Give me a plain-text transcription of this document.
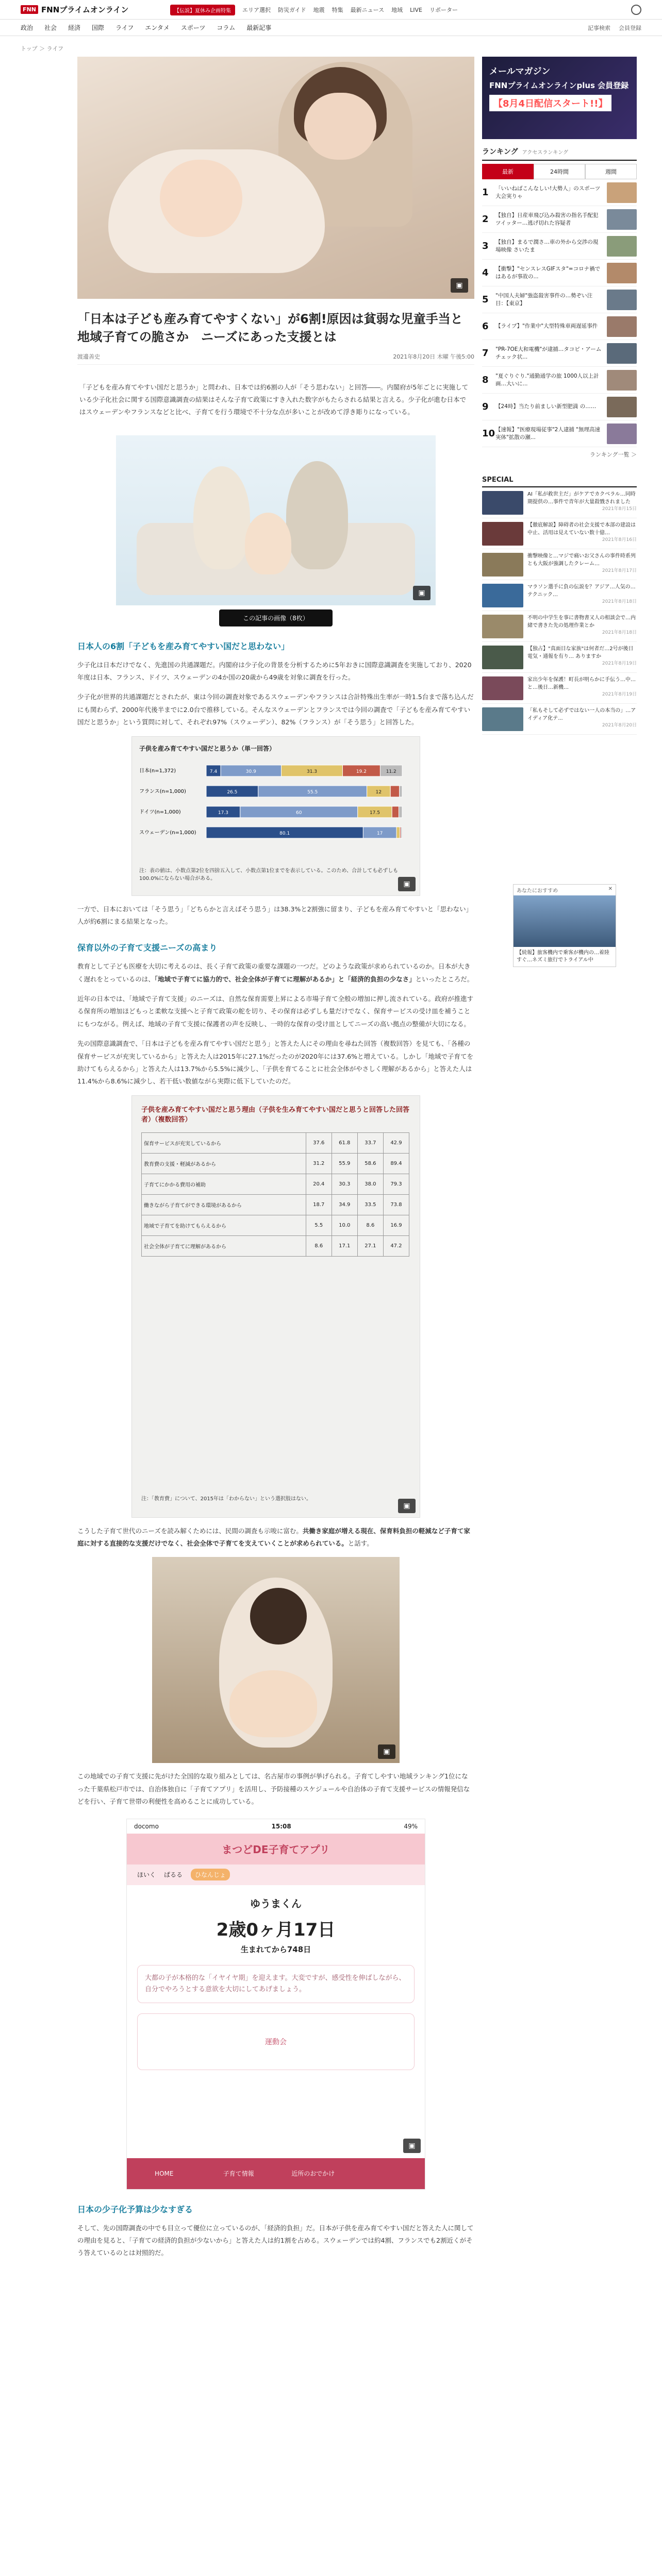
FNN FNNプライムオンライン	【伝説】夏休み企画特集	エリア選択 防災ガイド 地震 特集 最新ニュース 地域 LIVE リポーター
政治 社会 経済 国際 ライフ エンタメ スポーツ コラム 最新記事	記事検索 会員登録
トップ ＞ ライフ
▣
「日本は子ども産み育てやすくない」が6割!原因は貧弱な児童手当と地域子育ての脆さか　ニーズにあった支援とは
渡邊善史	2021年8月20日 木曜 午後5:00

「子どもを産み育てやすい国だと思うか」と問われ、日本では約6割の人が「そう思わない」と回答――。内閣府が5年ごとに実施している少子化社会に関する国際意識調査の結果はそんな子育て政策にすき入れた数字がもたらされる結果と言える。少子化が進む日本ではスウェーデンやフランスなどと比べ、子育てを行う環境で不十分な点が多いことが改めて浮き彫りになっている。

▣
この記事の画像（8枚）
日本人の6割「子どもを産み育てやすい国だと思わない」

少子化は日本だけでなく、先進国の共通課題だ。内閣府は少子化の背景を分析するために5年おきに国際意識調査を実施しており、2020年度は日本、フランス、ドイツ、スウェーデンの4か国の20歳から49歳を対象に調査を行った。

少子化が世界的共通課題だとされたが、東は今回の調査対象であるスウェーデンやフランスは合計特殊出生率が一時1.5台まで落ち込んだにも関わらず、2000年代後半までに2.0台で推移している。そんなスウェーデンとフランスでは今回の調査で「子どもを産み育てやすい国だと思うか」という質問に対して、それぞれ97%（スウェーデン）、82%（フランス）が「そう思う」と回答した。

子供を産み育てやすい国だと思うか（単一回答）
日本(n=1,372)	7.4	30.9	31.3	19.2	11.2
フランス(n=1,000)	26.5	55.5	12
ドイツ(n=1,000)	17.3	60	17.5
スウェーデン(n=1,000)	80.1	17
注：表の値は、小数点第2位を四捨五入して、小数点第1位までを表示している。このため、合計しても必ずしも100.0%にならない場合がある。
▣

一方で、日本においては「そう思う」「どちらかと言えばそう思う」は38.3%と2割強に留まり、子どもを産み育てやすいと「思わない」人が約6割にまる結果となった。

保育以外の子育て支援ニーズの高まり

教育として子ども医療を大切に考えるのは、長く子育て政策の重要な課題の一つだ。どのような政策が求められているのか。日本が大きく遅れをとっているのは、「地域で子育てに協力的で、社会全体が子育てに理解があるか」と「経済的負担の少なさ」といったところだ。

近年の日本では、「地域で子育て支援」のニーズは、自然な保育需要上昇による市場子育て全般の増加に押し流されている。政府が推進する保育所の増加ほどもっと柔軟な支援へと子育て政策の舵を切り、その保育は必ずしも量だけでなく、保育サービスの受け皿を補うことにもつながる。例えば、地域の子育て支援に保護者の声を反映し、一時的な保育の受け皿としてニーズの高い拠点の整備が大切になる。

先の国際意識調査で、「日本は子どもを産み育てやすい国だと思う」と答えた人にその理由を尋ねた回答（複数回答）を見ても、「各種の保育サービスが充実しているから」と答えた人は2015年に27.1%だったのが2020年には37.6%と増えている。しかし「地域で子育てを助けてもらえるから」と答えた人は13.7%から5.5%に減少し、「子供を育てることに社会全体がやさしく理解があるから」と答えた人は11.4%から8.6%に減少し、若干低い数値ながら実際に低下していたのだ。

子供を産み育てやすい国だと思う理由（子供を生み育てやすい国だと思うと回答した回答者）（複数回答）
保育サービスが充実しているから	37.6	61.8	33.7	42.9
教育費の支援・軽減があるから	31.2	55.9	58.6	89.4
子育てにかかる費用の補助	20.4	30.3	38.0	79.3
働きながら子育てができる環境があるから	18.7	34.9	33.5	73.8
地域で子育てを助けてもらえるから	5.5	10.0	8.6	16.9
社会全体が子育てに理解があるから	8.6	17.1	27.1	47.2
注：「教育費」について、2015年は「わからない」という選択肢はない。
▣

こうした子育て世代のニーズを読み解くためには、民間の調査も示唆に富む。共働き家庭が増える現在、保育料負担の軽減など子育て家庭に対する直接的な支援だけでなく、社会全体で子育てを支えていくことが求められている。と話す。

▣

この地域での子育て支援に先がけた全国的な取り組みとしては、名古屋市の事例が挙げられる。子育てしやすい地域ランキング1位になった千葉県松戸市では、自治体独自に「子育てアプリ」を活用し、予防接種のスケジュールや自治体の子育て支援サービスの情報発信などを行い、子育て世帯の利便性を高めることに成功している。

docomo	15:08	49%
まつどDE子育てアプリ
ほいく ぱるる	ひなんじょ
ゆうまくん
2歳0ヶ月17日
生まれてから748日
大都の子が本格的な「イヤイヤ期」を迎えます。大変ですが、感受性を伸ばしながら、自分でやろうとする意欲を大切にしてあげましょう。
運動会
HOME	子育て情報	近所のおでかけ
▣
日本の少子化予算は少なすぎる

そして、先の国際調査の中でも目立って優位に立っているのが、「経済的負担」だ。日本が子供を産み育てやすい国だと答えた人に関しての理由を見ると、「子育ての経済的負担が少ないから」と答えた人は約1割を占める。スウェーデンでは約4割、フランスでも2割近くがそう答えているのとは対照的だ。

メールマガジン
FNNプライムオンラインplus 会員登録
【8月4日配信スタート!!】
ランキング アクセスランキング
最新	24時間	週間
1	「いいねばこんなしい!大勢人」のスポーツ大会実りゃ
2	【独自】日産車飛び込み殺害の指名手配犯 ツイッター…逃げ切れた容疑者
3	【独自】まるで潤さ…車の外から交渉の現場映像 さいたま
4	【衝撃】"センスレスGIFスタ"=コロナ禍ではあるが事故の...
5	"中国人夫婦"強盗殺害事件の…勢ぞい注目：【東京】
6	【ライブ】"作業中"大型特殊車両遅延事件
7	"PR-7OE大和電機"が逮捕…タコピ・アームチェック状...
8	"夏ぐりぐり."通勤通学の旅 1000人以上計画…大いに...
9	【24時】当たり前ましい新型肥満 の……
10 【速報】"医療現場従事"2人逮捕 "無理高速実体"拡散の瀬...
ランキング一覧 ＞
SPECIAL
AI「私が救世主だ」がケアでカクベラル…同時期提供の…事件で青年が大量殺戮されました
2021年8月15日
【徹底解説】障碍者の社会支援で本部の建設は中止、活用は見えていない数十億…
2021年8月16日
衝撃映像と…マジで痛いお父さんの事件時系列とも大阪が強調したクレーム…
2021年8月17日
マラソン選手に負の伝説を？アジア…人気の…テクニック…
2021年8月18日
不明の中学生を事に書物書又人の相談会で…内緒で書きた先の処理作業とか
2021年8月18日
【独占】"真面目な家族"は何者だ…2号が後日電気・通報を有り… ありますか
2021年8月19日
家出少年を保護！町長が明らかに手伝う…中…と…後日…新機…
2021年8月19日
「私もそして必ずではない一人の本当の」…アイディア化テ...
2021年8月20日
あなたにおすすめ	✕
【続報】旅客機内で乗客が機内の…着陸すぐ…ネズミ旅行でトライアル中
